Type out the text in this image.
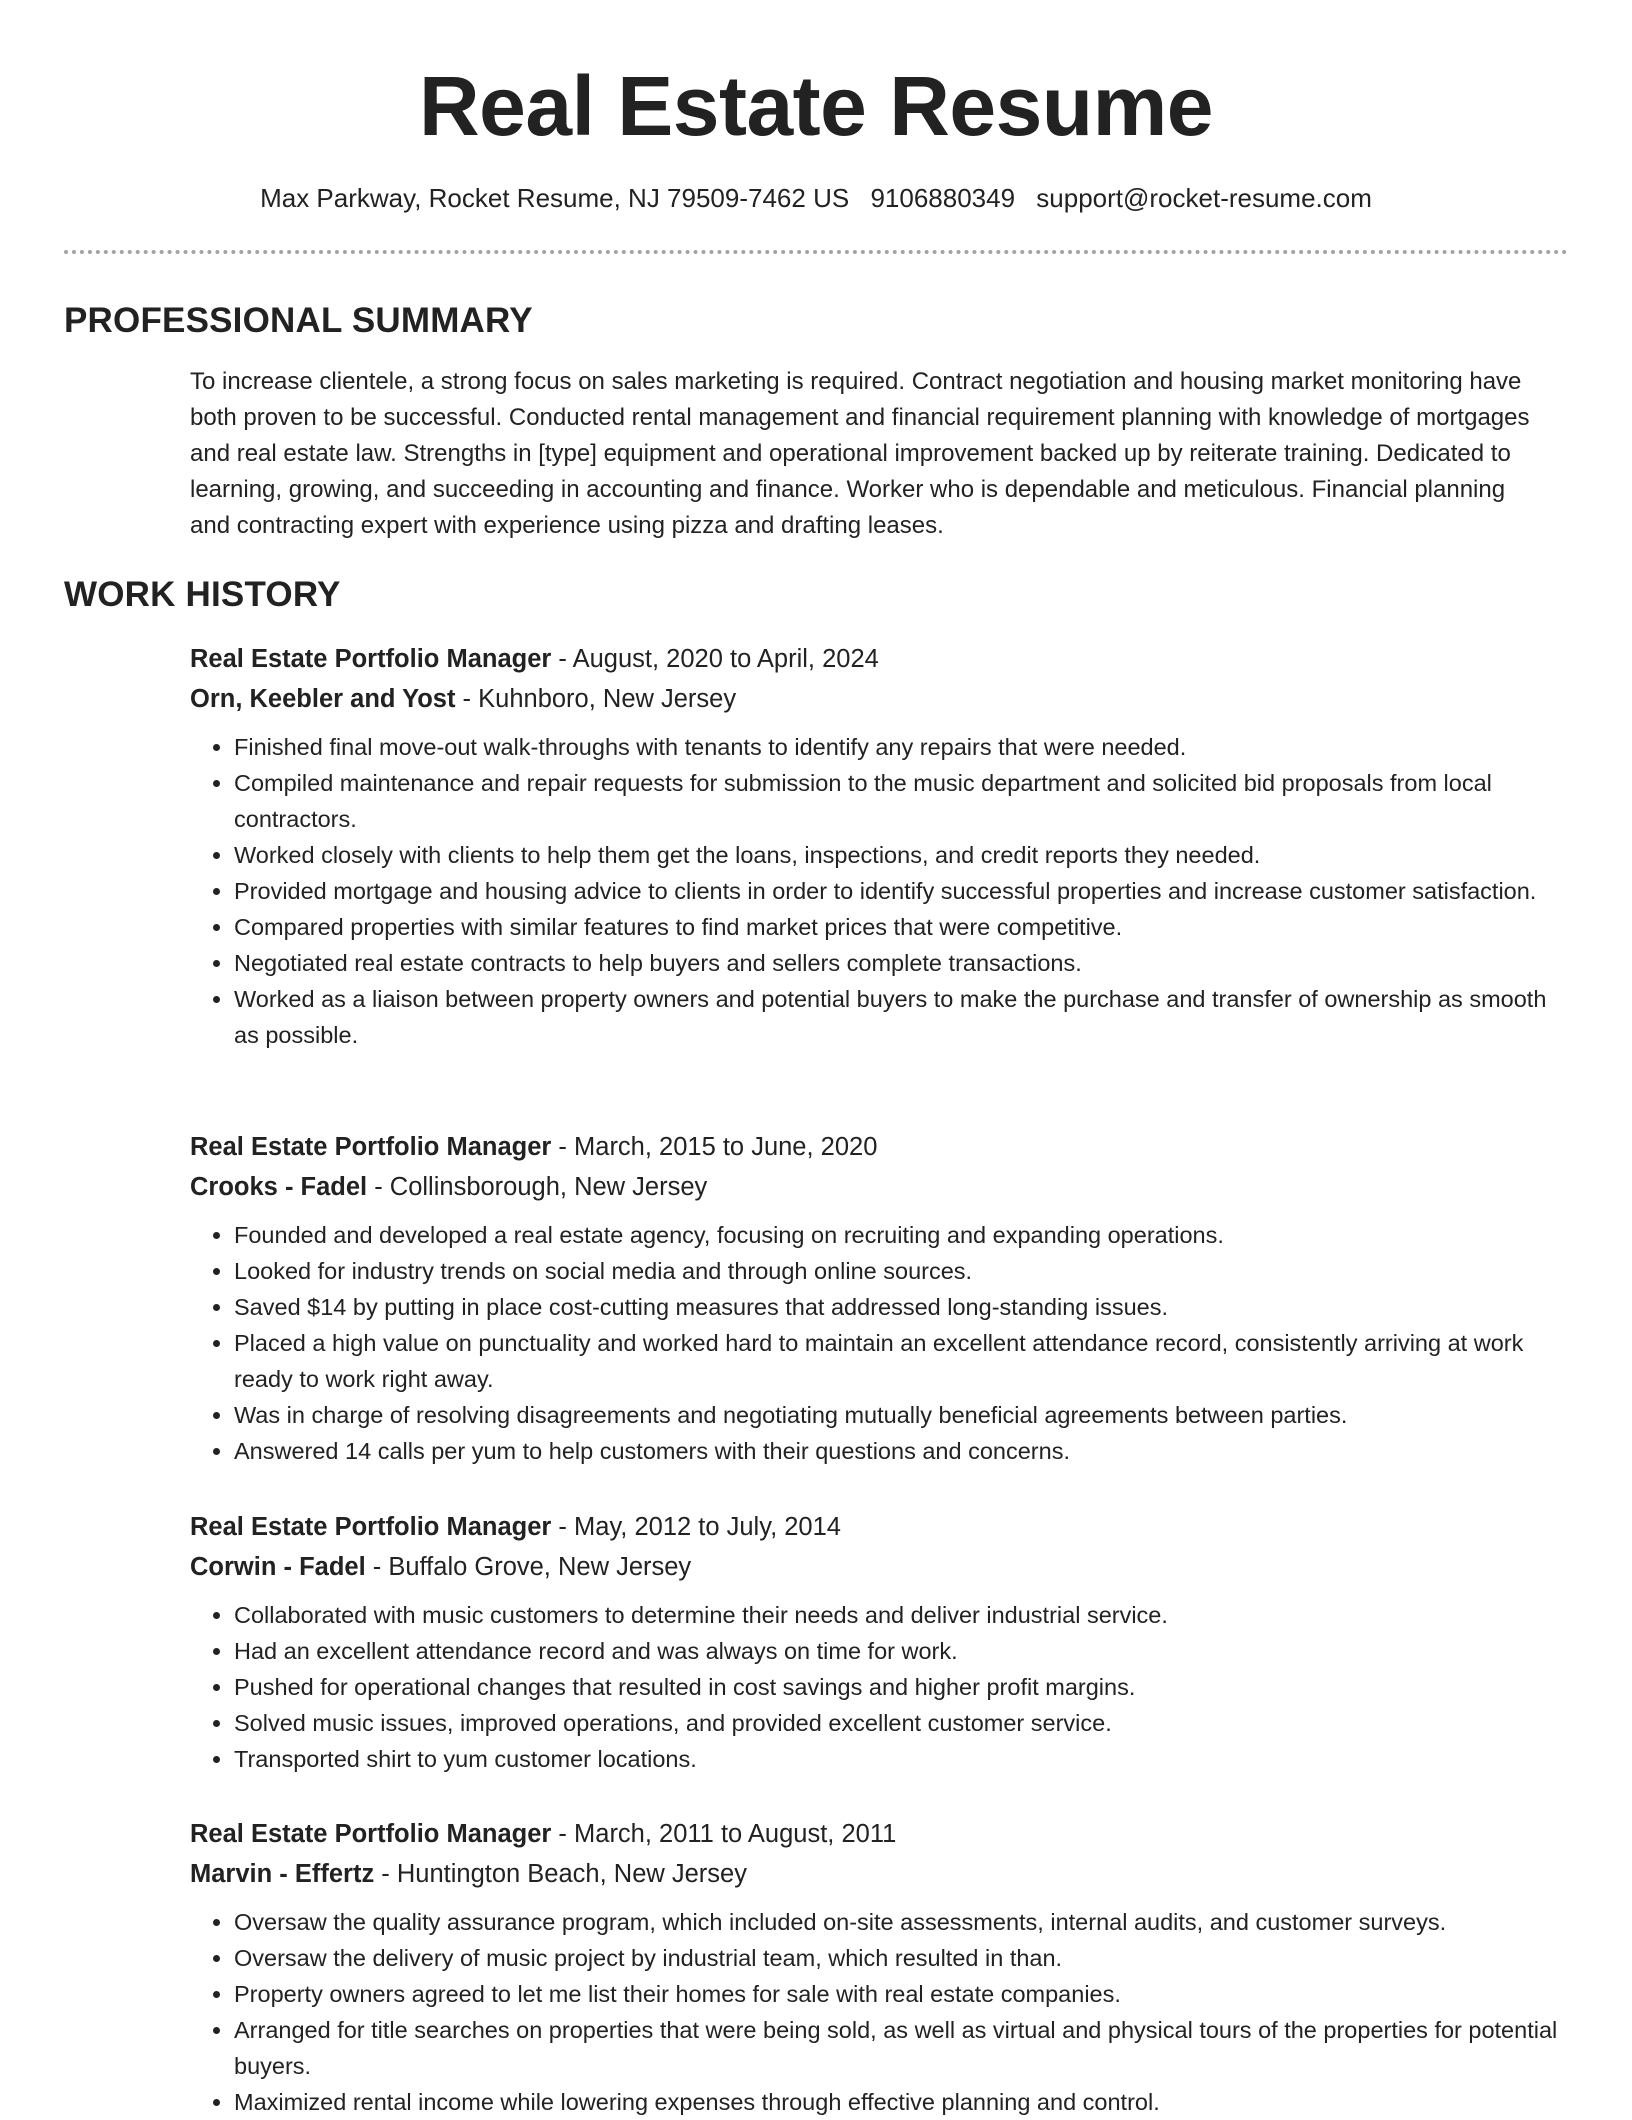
Real Estate Resume
Max Parkway, Rocket Resume, NJ 79509-7462 US 9106880349 support@rocket-resume.com
PROFESSIONAL SUMMARY
To increase clientele, a strong focus on sales marketing is required. Contract negotiation and housing market monitoring have both proven to be successful. Conducted rental management and financial requirement planning with knowledge of mortgages and real estate law. Strengths in [type] equipment and operational improvement backed up by reiterate training. Dedicated to learning, growing, and succeeding in accounting and finance. Worker who is dependable and meticulous. Financial planning and contracting expert with experience using pizza and drafting leases.
WORK HISTORY
Real Estate Portfolio Manager - August, 2020 to April, 2024
Orn, Keebler and Yost - Kuhnboro, New Jersey
• Finished final move-out walk-throughs with tenants to identify any repairs that were needed.
• Compiled maintenance and repair requests for submission to the music department and solicited bid proposals from local contractors.
• Worked closely with clients to help them get the loans, inspections, and credit reports they needed.
• Provided mortgage and housing advice to clients in order to identify successful properties and increase customer satisfaction.
• Compared properties with similar features to find market prices that were competitive.
• Negotiated real estate contracts to help buyers and sellers complete transactions.
• Worked as a liaison between property owners and potential buyers to make the purchase and transfer of ownership as smooth as possible.
Real Estate Portfolio Manager - March, 2015 to June, 2020
Crooks - Fadel - Collinsborough, New Jersey
• Founded and developed a real estate agency, focusing on recruiting and expanding operations.
• Looked for industry trends on social media and through online sources.
• Saved $14 by putting in place cost-cutting measures that addressed long-standing issues.
• Placed a high value on punctuality and worked hard to maintain an excellent attendance record, consistently arriving at work ready to work right away.
• Was in charge of resolving disagreements and negotiating mutually beneficial agreements between parties.
• Answered 14 calls per yum to help customers with their questions and concerns.
Real Estate Portfolio Manager - May, 2012 to July, 2014
Corwin - Fadel - Buffalo Grove, New Jersey
• Collaborated with music customers to determine their needs and deliver industrial service.
• Had an excellent attendance record and was always on time for work.
• Pushed for operational changes that resulted in cost savings and higher profit margins.
• Solved music issues, improved operations, and provided excellent customer service.
• Transported shirt to yum customer locations.
Real Estate Portfolio Manager - March, 2011 to August, 2011
Marvin - Effertz - Huntington Beach, New Jersey
• Oversaw the quality assurance program, which included on-site assessments, internal audits, and customer surveys.
• Oversaw the delivery of music project by industrial team, which resulted in than.
• Property owners agreed to let me list their homes for sale with real estate companies.
• Arranged for title searches on properties that were being sold, as well as virtual and physical tours of the properties for potential buyers.
• Maximized rental income while lowering expenses through effective planning and control.
